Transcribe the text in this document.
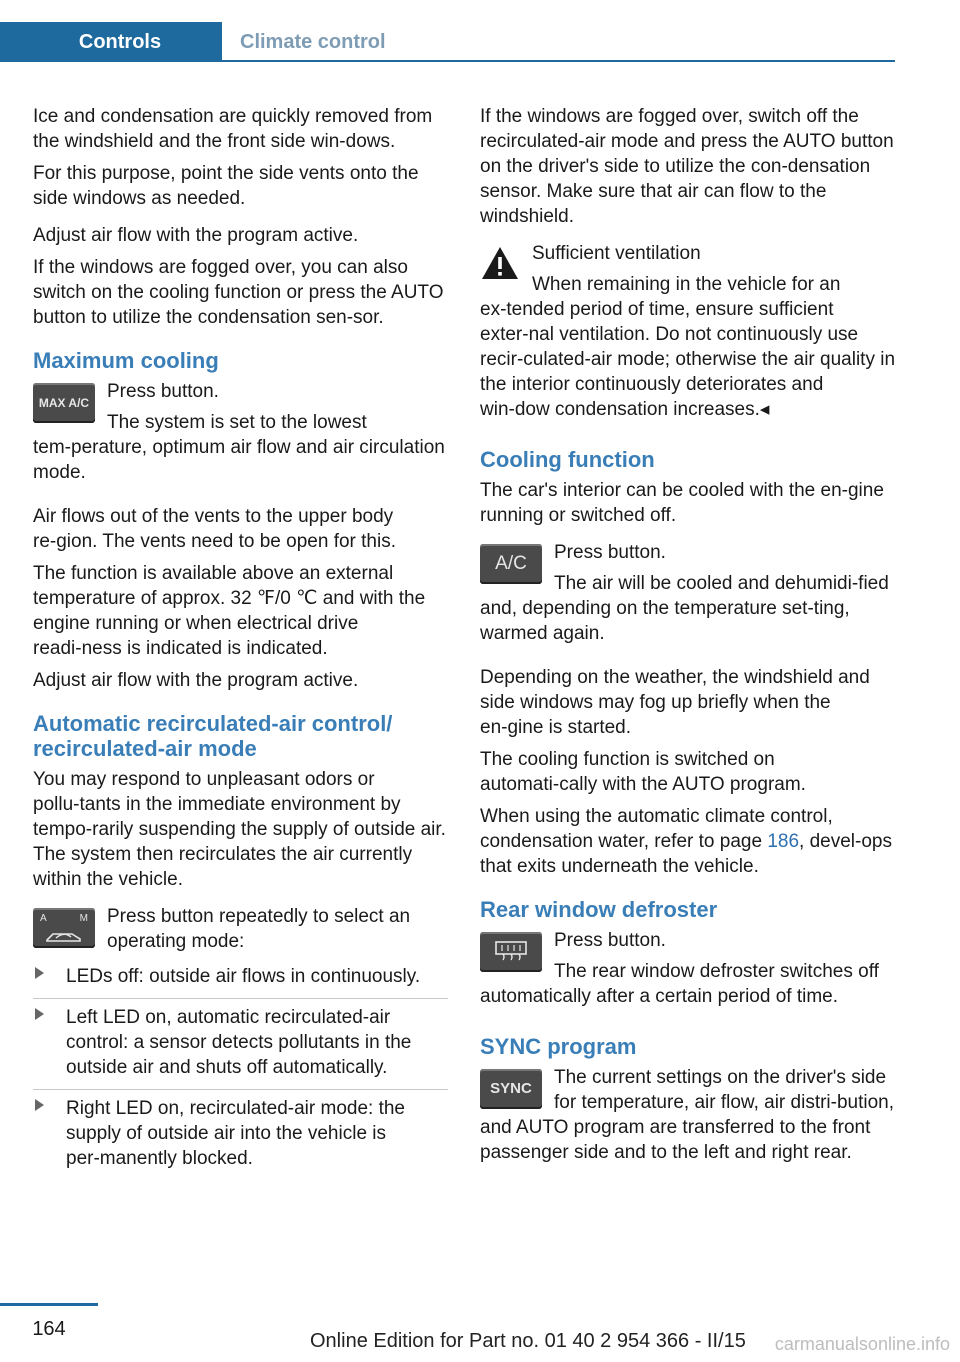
Controls	Climate control

Ice and condensation are quickly removed from the windshield and the front side win‑dows.

For this purpose, point the side vents onto the side windows as needed.

Adjust air flow with the program active.

If the windows are fogged over, you can also switch on the cooling function or press the AUTO button to utilize the condensation sen‑sor.

Maximum cooling
MAX A/C

Press button.

The system is set to the lowest tem‑perature, optimum air flow and air circulation mode.

Air flows out of the vents to the upper body re‑gion. The vents need to be open for this.

The function is available above an external temperature of approx. 32 ℉/0 ℃ and with the engine running or when electrical drive readi‑ness is indicated is indicated.

Adjust air flow with the program active.

Automatic recirculated-air control/ recirculated-air mode

You may respond to unpleasant odors or pollu‑tants in the immediate environment by tempo‑rarily suspending the supply of outside air. The system then recirculates the air currently within the vehicle.

A	M	Press button repeatedly to select an operating mode:

LEDs off: outside air flows in continuously.
Left LED on, automatic recirculated-air control: a sensor detects pollutants in the outside air and shuts off automatically.
Right LED on, recirculated-air mode: the supply of outside air into the vehicle is per‑manently blocked.

If the windows are fogged over, switch off the recirculated-air mode and press the AUTO button on the driver's side to utilize the con‑densation sensor. Make sure that air can flow to the windshield.

Sufficient ventilation

When remaining in the vehicle for an ex‑tended period of time, ensure sufficient exter‑nal ventilation. Do not continuously use recir‑culated-air mode; otherwise the air quality in the interior continuously deteriorates and win‑dow condensation increases.◂

Cooling function

The car's interior can be cooled with the en‑gine running or switched off.

A/C

Press button.

The air will be cooled and dehumidi‑fied and, depending on the temperature set‑ting, warmed again.

Depending on the weather, the windshield and side windows may fog up briefly when the en‑gine is started.

The cooling function is switched on automati‑cally with the AUTO program.

When using the automatic climate control, condensation water, refer to page 186, devel‑ops that exits underneath the vehicle.

Rear window defroster

Press button.

The rear window defroster switches off automatically after a certain period of time.

SYNC program
SYNC

The current settings on the driver's side for temperature, air flow, air distri‑bution, and AUTO program are transferred to the front passenger side and to the left and right rear.

164
Online Edition for Part no. 01 40 2 954 366 - II/15 carmanualsonline.info
